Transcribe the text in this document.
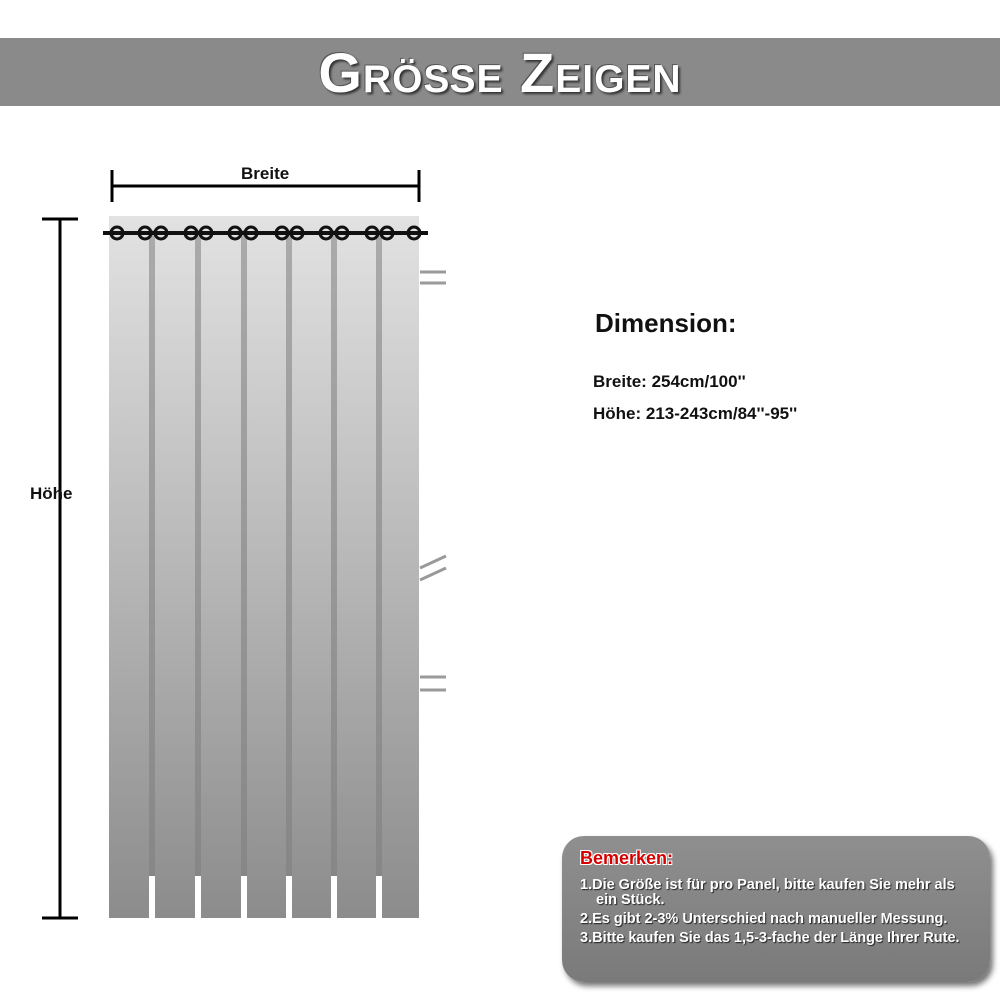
Größe Zeigen
Breite
Höhe
Dimension:
Breite: 254cm/100''
Höhe: 213-243cm/84''-95''
Bemerken:
1.Die Größe ist für pro Panel, bitte kaufen Sie mehr als ein Stück.
2.Es gibt 2-3% Unterschied nach manueller Messung.
3.Bitte kaufen Sie das 1,5-3-fache der Länge Ihrer Rute.
